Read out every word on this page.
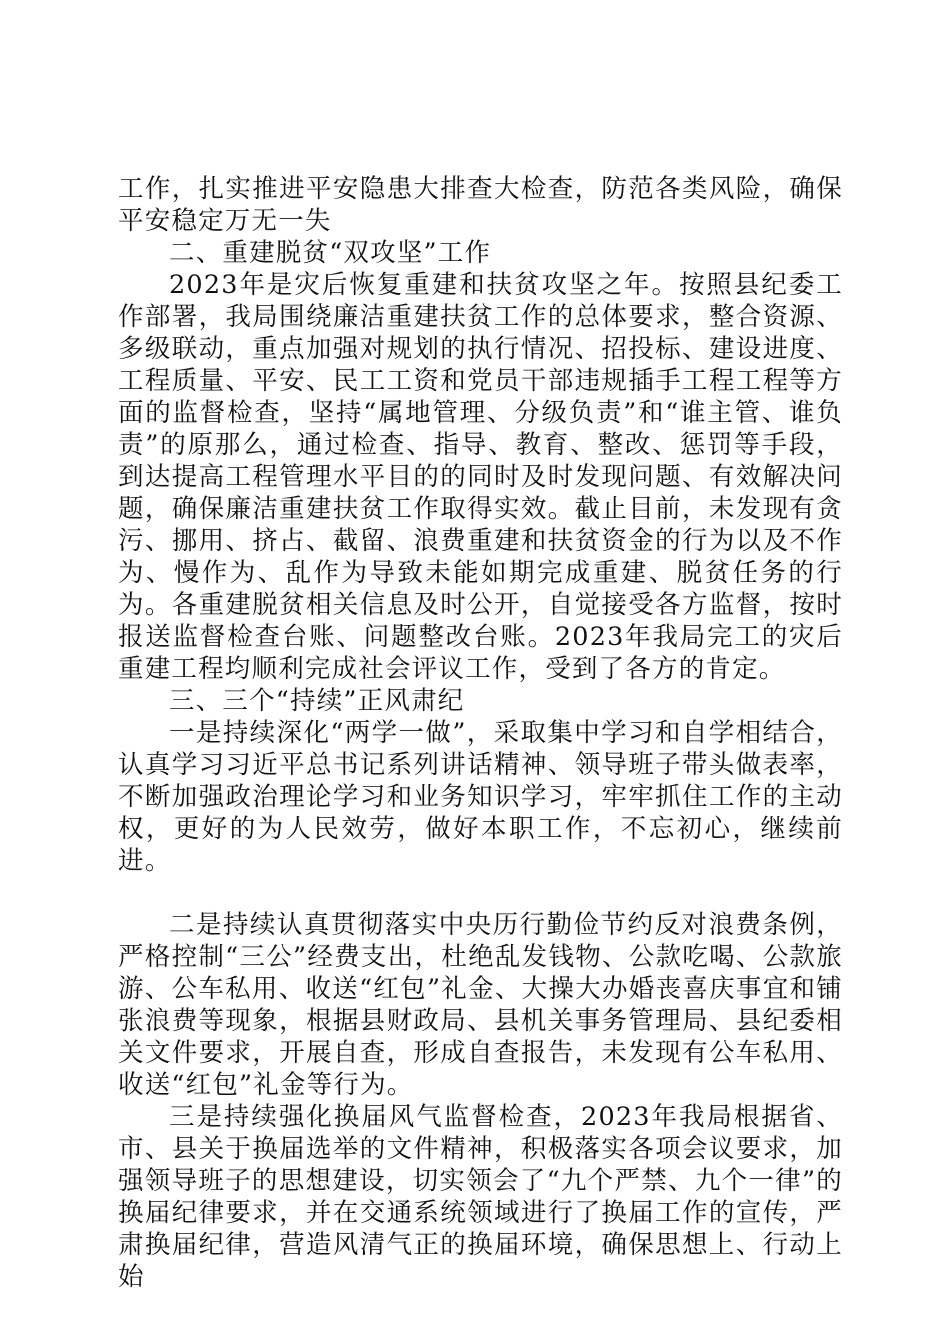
工作，扎实推进平安隐患大排查大检查，防范各类风险，确保平安稳定万无一失

二、重建脱贫“双攻坚”工作

2023年是灾后恢复重建和扶贫攻坚之年。按照县纪委工作部署，我局围绕廉洁重建扶贫工作的总体要求，整合资源、多级联动，重点加强对规划的执行情况、招投标、建设进度、工程质量、平安、民工工资和党员干部违规插手工程工程等方面的监督检查，坚持“属地管理、分级负责”和“谁主管、谁负责”的原那么，通过检查、指导、教育、整改、惩罚等手段，到达提高工程管理水平目的的同时及时发现问题、有效解决问题，确保廉洁重建扶贫工作取得实效。截止目前，未发现有贪污、挪用、挤占、截留、浪费重建和扶贫资金的行为以及不作为、慢作为、乱作为导致未能如期完成重建、脱贫任务的行为。各重建脱贫相关信息及时公开，自觉接受各方监督，按时报送监督检查台账、问题整改台账。2023年我局完工的灾后重建工程均顺利完成社会评议工作，受到了各方的肯定。

三、三个“持续”正风肃纪

一是持续深化“两学一做”，采取集中学习和自学相结合，认真学习习近平总书记系列讲话精神、领导班子带头做表率，不断加强政治理论学习和业务知识学习，牢牢抓住工作的主动权，更好的为人民效劳，做好本职工作，不忘初心，继续前进。

二是持续认真贯彻落实中央历行勤俭节约反对浪费条例，严格控制“三公”经费支出，杜绝乱发钱物、公款吃喝、公款旅游、公车私用、收送“红包”礼金、大操大办婚丧喜庆事宜和铺张浪费等现象，根据县财政局、县机关事务管理局、县纪委相关文件要求，开展自查，形成自查报告，未发现有公车私用、收送“红包”礼金等行为。

三是持续强化换届风气监督检查，2023年我局根据省、市、县关于换届选举的文件精神，积极落实各项会议要求，加强领导班子的思想建设，切实领会了“九个严禁、九个一律”的换届纪律要求，并在交通系统领域进行了换届工作的宣传，严肃换届纪律，营造风清气正的换届环境，确保思想上、行动上始
